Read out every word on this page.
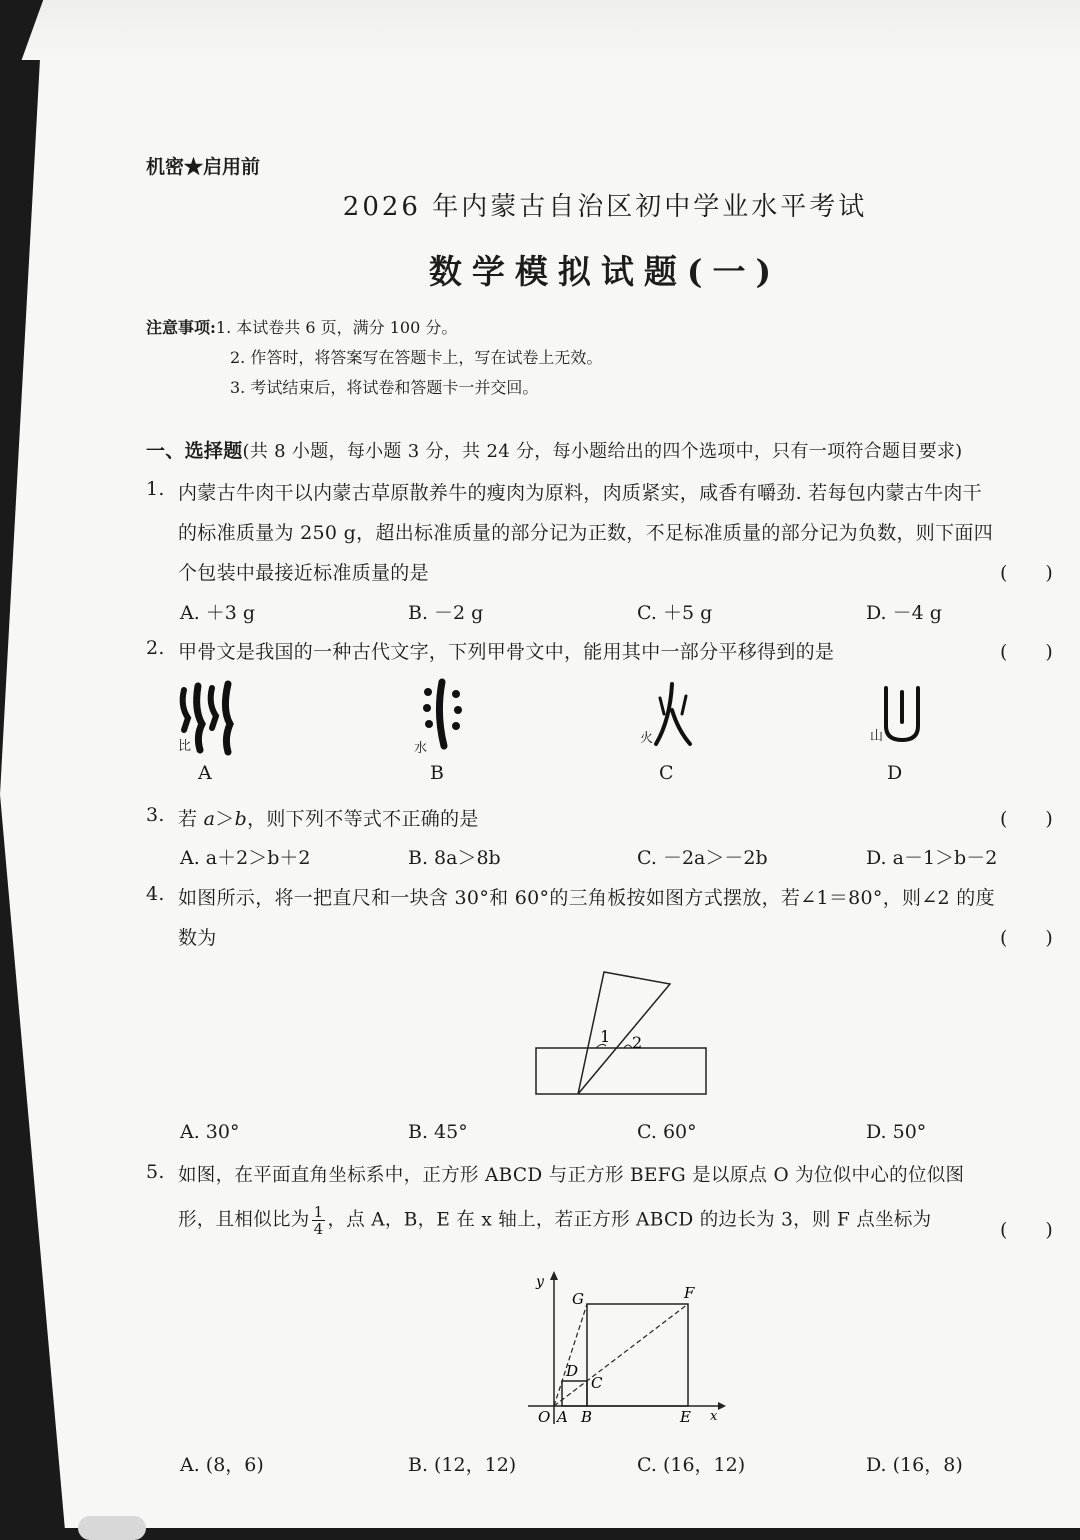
机密★启用前
2026 年内蒙古自治区初中学业水平考试
数学模拟试题(一)
注意事项:1. 本试卷共 6 页，满分 100 分。
2. 作答时，将答案写在答题卡上，写在试卷上无效。
3. 考试结束后，将试卷和答题卡一并交回。
一、选择题(共 8 小题，每小题 3 分，共 24 分，每小题给出的四个选项中，只有一项符合题目要求)
1. 内蒙古牛肉干以内蒙古草原散养牛的瘦肉为原料，肉质紧实，咸香有嚼劲. 若每包内蒙古牛肉干
的标准质量为 250 g，超出标准质量的部分记为正数，不足标准质量的部分记为负数，则下面四
个包装中最接近标准质量的是	(　　)
A. ＋3 g	B. －2 g	C. ＋5 g	D. －4 g
2. 甲骨文是我国的一种古代文字，下列甲骨文中，能用其中一部分平移得到的是	(　　)
比
A
水
B
火
C
山
D
3. 若 a＞b，则下列不等式不正确的是	(　　)
A. a＋2＞b＋2	B. 8a＞8b	C. －2a＞－2b	D. a－1＞b－2
4. 如图所示，将一把直尺和一块含 30°和 60°的三角板按如图方式摆放，若∠1＝80°，则∠2 的度
数为	(　　)
1 2
A. 30°	B. 45°	C. 60°	D. 50°
5. 如图，在平面直角坐标系中，正方形 ABCD 与正方形 BEFG 是以原点 O 为位似中心的位似图
形，且相似比为 $\frac{1}{4}$ ，点 A，B，E 在 x 轴上，若正方形 ABCD 的边长为 3，则 F 点坐标为	(　　)
y
G	F
D
C
O A B	E x
A. (8，6)	B. (12，12)	C. (16，12)	D. (16，8)
